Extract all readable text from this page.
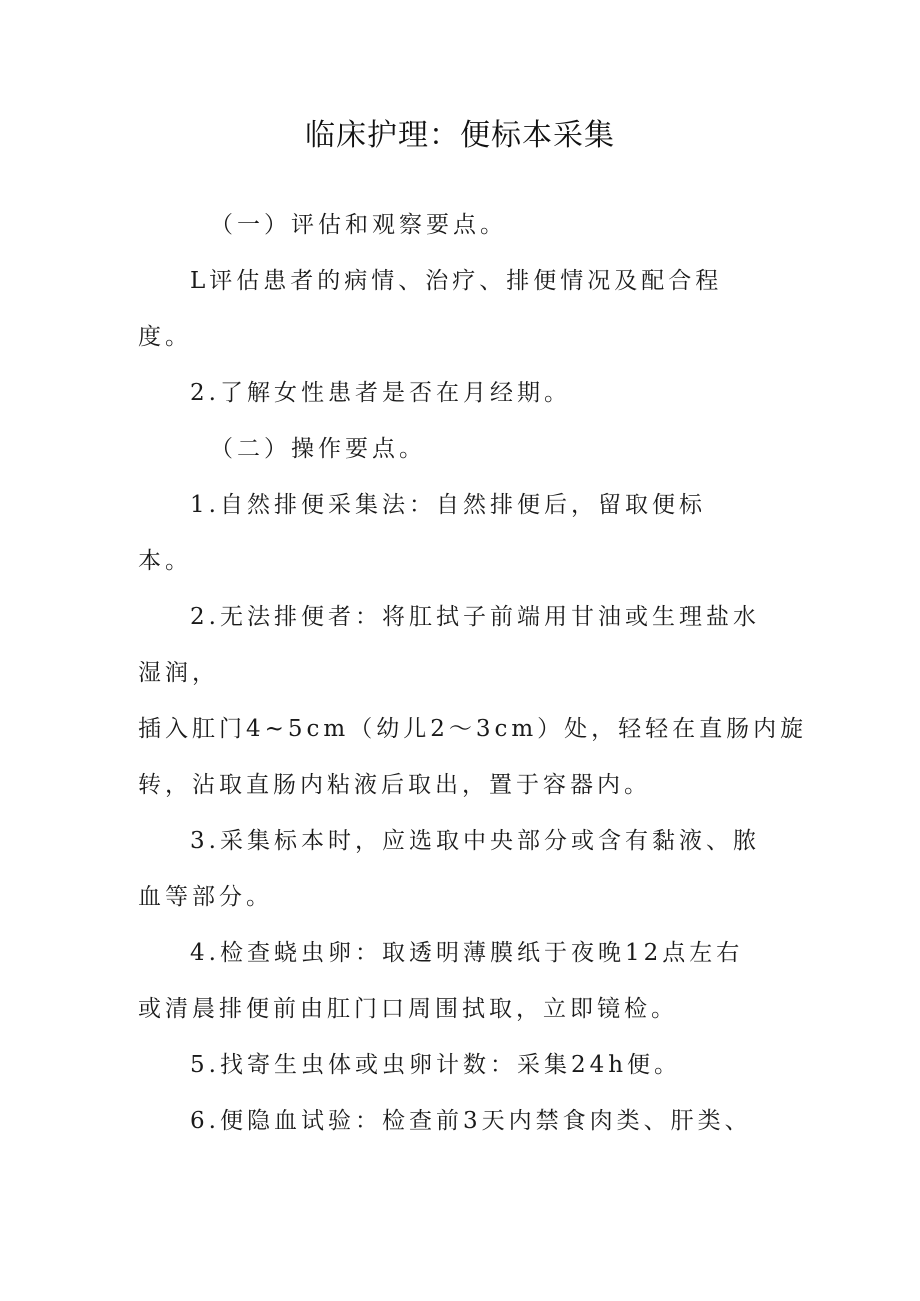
临床护理：便标本采集
（一）评估和观察要点。
L评估患者的病情、治疗、排便情况及配合程
度。
2.了解女性患者是否在月经期。
（二）操作要点。
1.自然排便采集法：自然排便后，留取便标
本。
2.无法排便者：将肛拭子前端用甘油或生理盐水
湿润，
插入肛门4~5cm（幼儿2～3cm）处，轻轻在直肠内旋
转，沾取直肠内粘液后取出，置于容器内。
3.采集标本时，应选取中央部分或含有黏液、脓
血等部分。
4.检查蛲虫卵：取透明薄膜纸于夜晚12点左右
或清晨排便前由肛门口周围拭取，立即镜检。
5.找寄生虫体或虫卵计数：采集24h便。
6.便隐血试验：检查前3天内禁食肉类、肝类、
